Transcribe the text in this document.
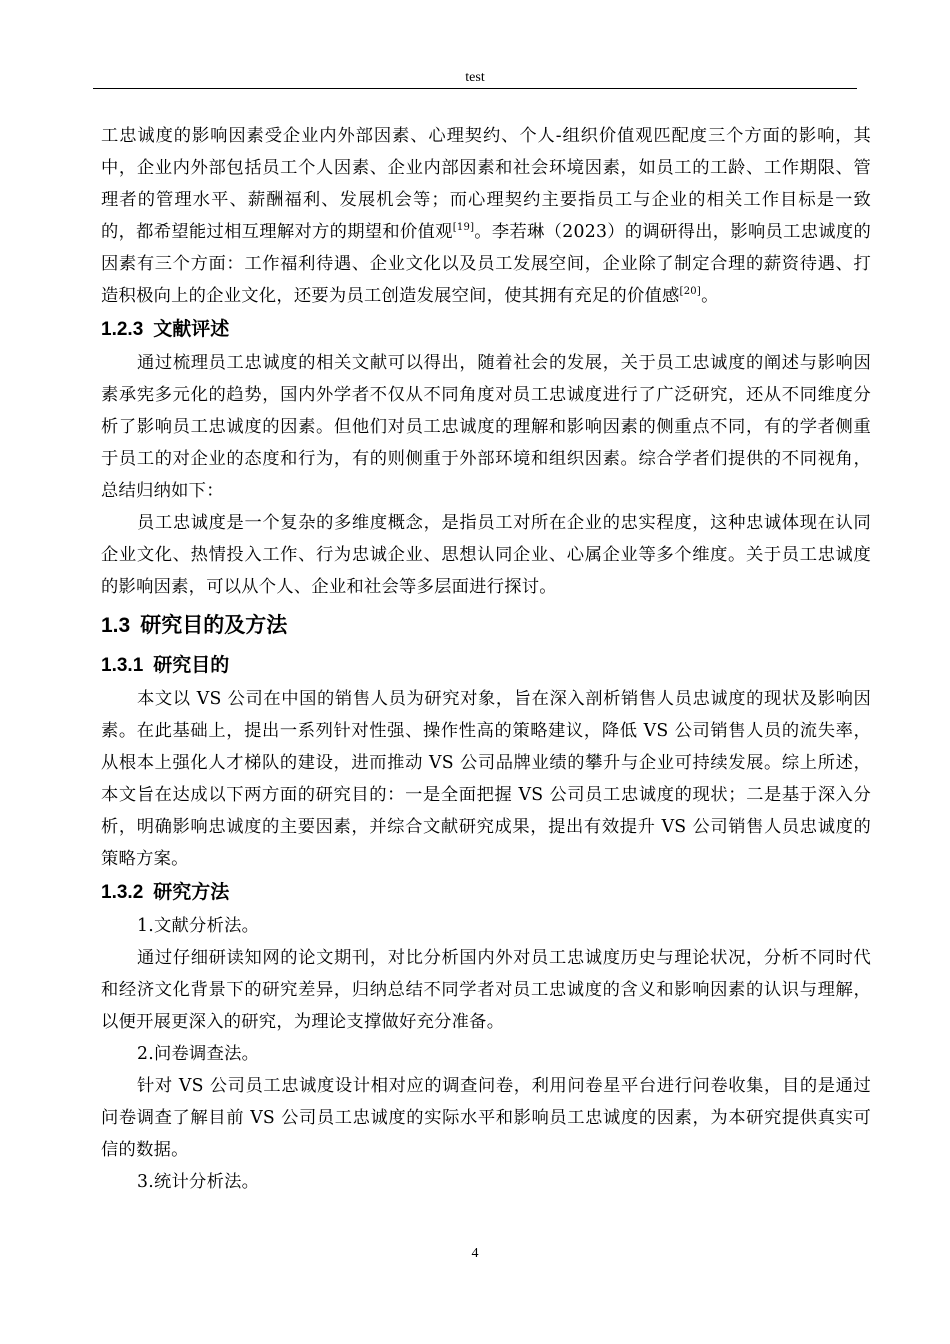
test

工忠诚度的影响因素受企业内外部因素、心理契约、个人-组织价值观匹配度三个方面的影响，其中，企业内外部包括员工个人因素、企业内部因素和社会环境因素，如员工的工龄、工作期限、管理者的管理水平、薪酬福利、发展机会等；而心理契约主要指员工与企业的相关工作目标是一致的，都希望能过相互理解对方的期望和价值观[19]。李若琳（2023）的调研得出，影响员工忠诚度的因素有三个方面：工作福利待遇、企业文化以及员工发展空间，企业除了制定合理的薪资待遇、打造积极向上的企业文化，还要为员工创造发展空间，使其拥有充足的价值感[20]。

1.2.3 文献评述

通过梳理员工忠诚度的相关文献可以得出，随着社会的发展，关于员工忠诚度的阐述与影响因素承宪多元化的趋势，国内外学者不仅从不同角度对员工忠诚度进行了广泛研究，还从不同维度分析了影响员工忠诚度的因素。但他们对员工忠诚度的理解和影响因素的侧重点不同，有的学者侧重于员工的对企业的态度和行为，有的则侧重于外部环境和组织因素。综合学者们提供的不同视角，总结归纳如下：

员工忠诚度是一个复杂的多维度概念，是指员工对所在企业的忠实程度，这种忠诚体现在认同企业文化、热情投入工作、行为忠诚企业、思想认同企业、心属企业等多个维度。关于员工忠诚度的影响因素，可以从个人、企业和社会等多层面进行探讨。

1.3 研究目的及方法
1.3.1 研究目的

本文以 VS 公司在中国的销售人员为研究对象，旨在深入剖析销售人员忠诚度的现状及影响因素。在此基础上，提出一系列针对性强、操作性高的策略建议，降低 VS 公司销售人员的流失率，从根本上强化人才梯队的建设，进而推动 VS 公司品牌业绩的攀升与企业可持续发展。综上所述，本文旨在达成以下两方面的研究目的：一是全面把握 VS 公司员工忠诚度的现状；二是基于深入分析，明确影响忠诚度的主要因素，并综合文献研究成果，提出有效提升 VS 公司销售人员忠诚度的策略方案。

1.3.2 研究方法

1.文献分析法。

通过仔细研读知网的论文期刊，对比分析国内外对员工忠诚度历史与理论状况，分析不同时代和经济文化背景下的研究差异，归纳总结不同学者对员工忠诚度的含义和影响因素的认识与理解，以便开展更深入的研究，为理论支撑做好充分准备。

2.问卷调查法。

针对 VS 公司员工忠诚度设计相对应的调查问卷，利用问卷星平台进行问卷收集，目的是通过问卷调查了解目前 VS 公司员工忠诚度的实际水平和影响员工忠诚度的因素，为本研究提供真实可信的数据。

3.统计分析法。

4
